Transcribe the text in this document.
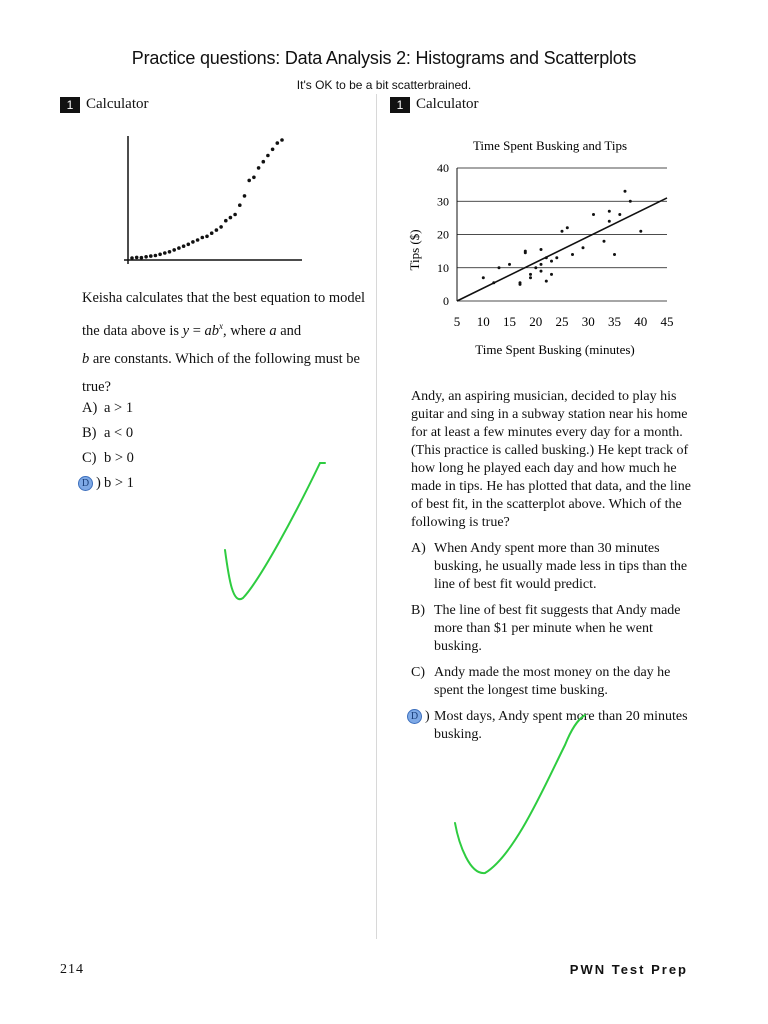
Practice questions: Data Analysis 2: Histograms and Scatterplots
It's OK to be a bit scatterbrained.
1 Calculator	1 Calculator
Keisha calculates that the best equation to model the data above is $y = ab^x$, where a and
b are constants. Which of the following must be true?
A) a > 1
B) a < 0
C) b > 0
D ) b > 1
Time Spent Busking and Tips
0
10
20
30
40
5 10 15 20 25 30 35 40 45
Time Spent Busking (minutes)
Tips ($)
Andy, an aspiring musician, decided to play his guitar and sing in a subway station near his home for at least a few minutes every day for a month. (This practice is called busking.) He kept track of how long he played each day and how much he made in tips. He has plotted that data, and the line of best fit, in the scatterplot above. Which of the following is true?
A) When Andy spent more than 30 minutes busking, he usually made less in tips than the line of best fit would predict.
B) The line of best fit suggests that Andy made more than $1 per minute when he went busking.
C) Andy made the most money on the day he spent the longest time busking.
D ) Most days, Andy spent more than 20 minutes busking.
214	PWN Test Prep
